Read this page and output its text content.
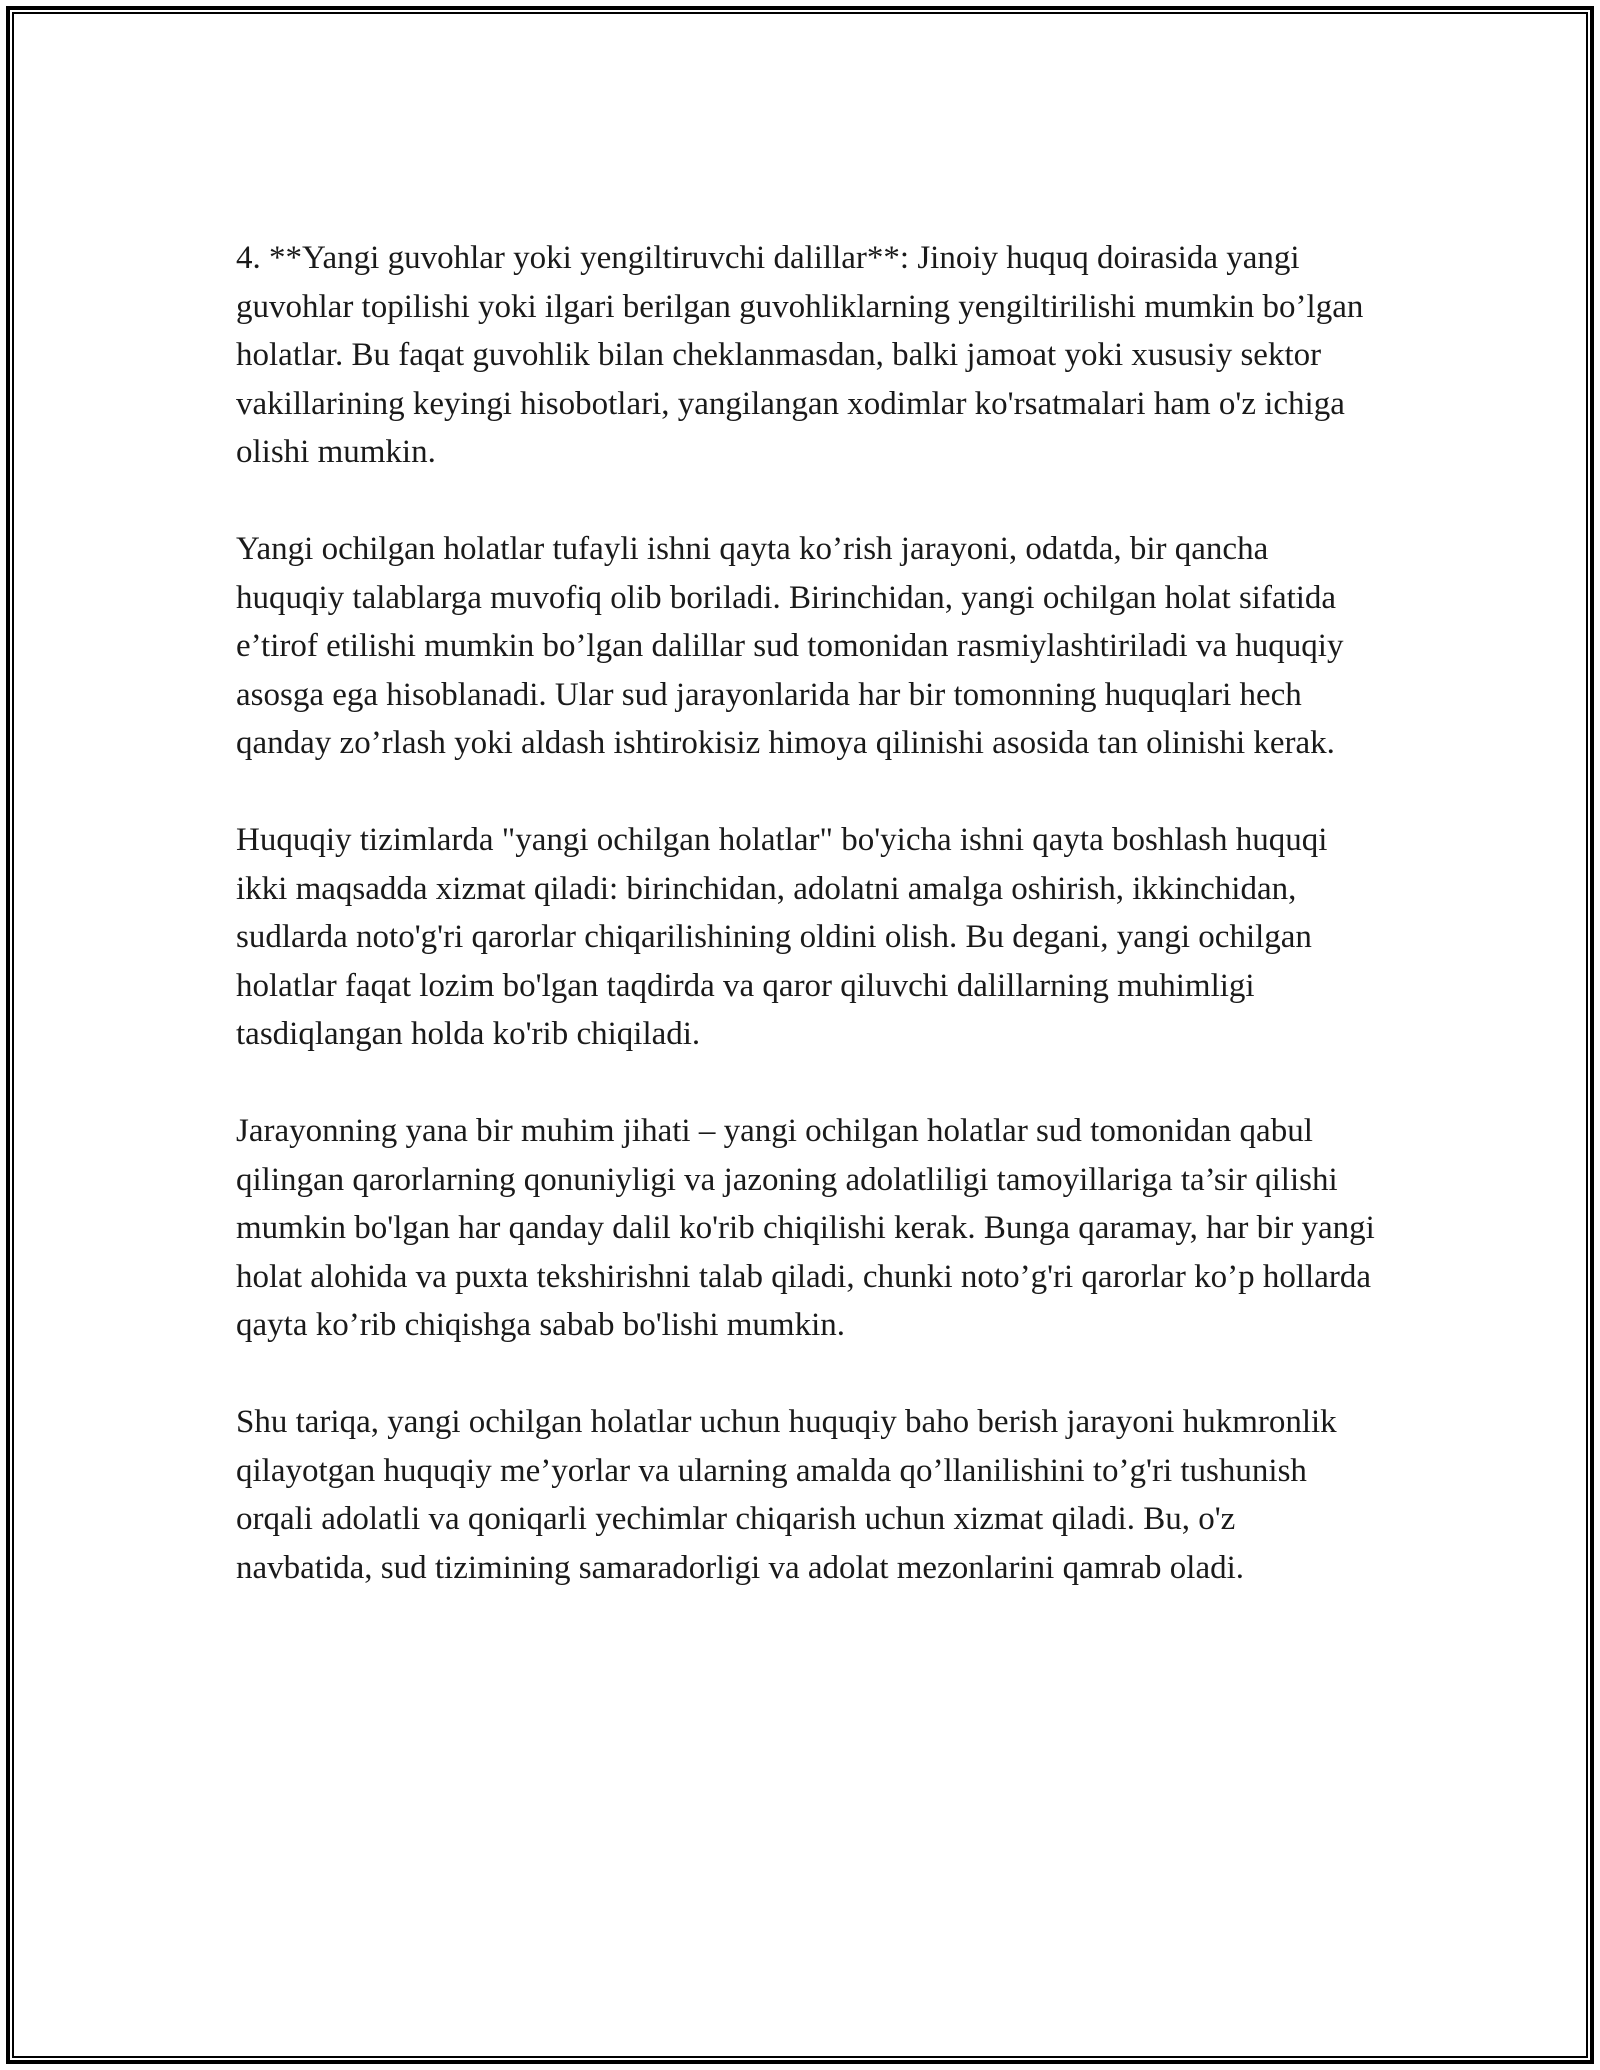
4. **Yangi guvohlar yoki yengiltiruvchi dalillar**: Jinoiy huquq doirasida yangi guvohlar topilishi yoki ilgari berilgan guvohliklarning yengiltirilishi mumkin bo’lgan holatlar. Bu faqat guvohlik bilan cheklanmasdan, balki jamoat yoki xususiy sektor vakillarining keyingi hisobotlari, yangilangan xodimlar ko'rsatmalari ham o'z ichiga olishi mumkin.

Yangi ochilgan holatlar tufayli ishni qayta ko’rish jarayoni, odatda, bir qancha huquqiy talablarga muvofiq olib boriladi. Birinchidan, yangi ochilgan holat sifatida e’tirof etilishi mumkin bo’lgan dalillar sud tomonidan rasmiylashtiriladi va huquqiy asosga ega hisoblanadi. Ular sud jarayonlarida har bir tomonning huquqlari hech qanday zo’rlash yoki aldash ishtirokisiz himoya qilinishi asosida tan olinishi kerak.

Huquqiy tizimlarda "yangi ochilgan holatlar" bo'yicha ishni qayta boshlash huquqi ikki maqsadda xizmat qiladi: birinchidan, adolatni amalga oshirish, ikkinchidan, sudlarda noto'g'ri qarorlar chiqarilishining oldini olish. Bu degani, yangi ochilgan holatlar faqat lozim bo'lgan taqdirda va qaror qiluvchi dalillarning muhimligi tasdiqlangan holda ko'rib chiqiladi.

Jarayonning yana bir muhim jihati – yangi ochilgan holatlar sud tomonidan qabul qilingan qarorlarning qonuniyligi va jazoning adolatliligi tamoyillariga ta’sir qilishi mumkin bo'lgan har qanday dalil ko'rib chiqilishi kerak. Bunga qaramay, har bir yangi holat alohida va puxta tekshirishni talab qiladi, chunki noto’g'ri qarorlar ko’p hollarda qayta ko’rib chiqishga sabab bo'lishi mumkin.

Shu tariqa, yangi ochilgan holatlar uchun huquqiy baho berish jarayoni hukmronlik qilayotgan huquqiy me’yorlar va ularning amalda qo’llanilishini to’g'ri tushunish orqali adolatli va qoniqarli yechimlar chiqarish uchun xizmat qiladi. Bu, o'z navbatida, sud tizimining samaradorligi va adolat mezonlarini qamrab oladi.
